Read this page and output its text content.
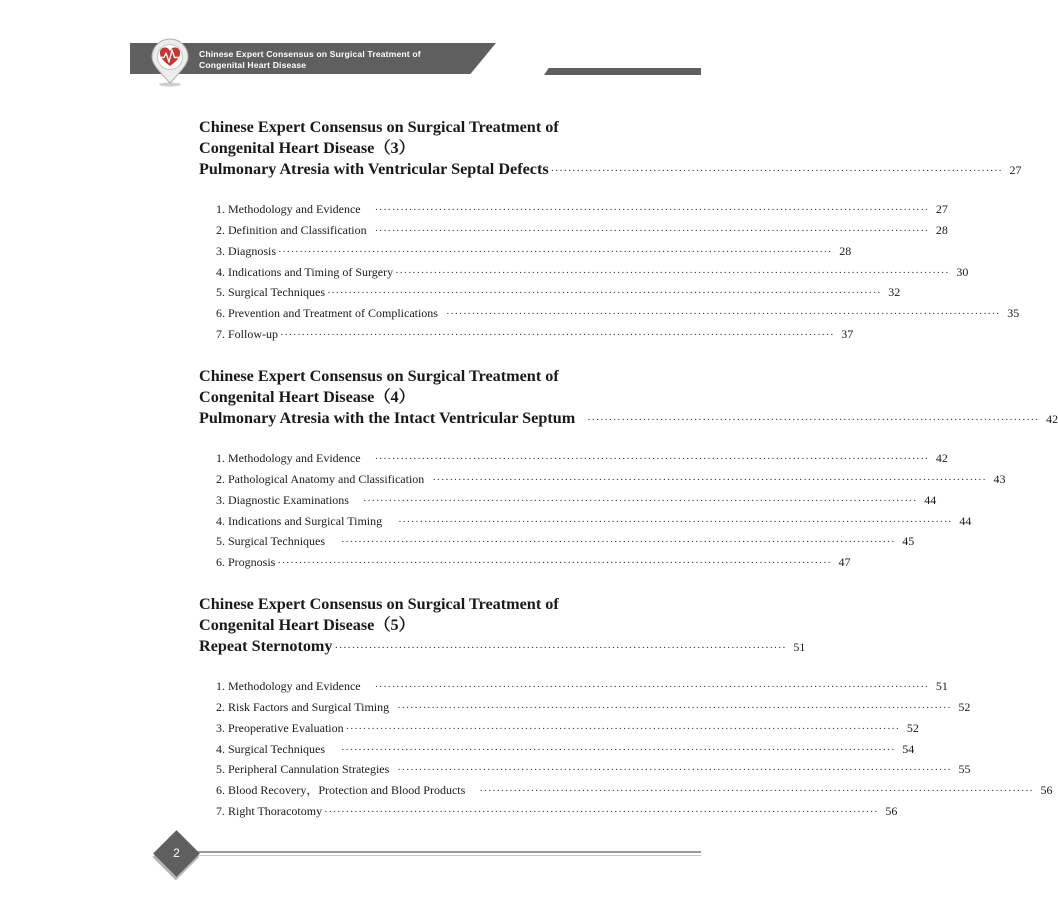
Chinese Expert Consensus on Surgical Treatment of
Congenital Heart Disease
Chinese Expert Consensus on Surgical Treatment of
Congenital Heart Disease（3）
Pulmonary Atresia with Ventricular Septal Defects ·········································································································· 27
1. Methodology and Evidence ·································································································································· 27
2. Definition and Classification ·································································································································· 28
3. Diagnosis ·································································································································· 28
4. Indications and Timing of Surgery ·································································································································· 30
5. Surgical Techniques ·································································································································· 32
6. Prevention and Treatment of Complications ·································································································································· 35
7. Follow-up ·································································································································· 37
Chinese Expert Consensus on Surgical Treatment of
Congenital Heart Disease（4）
Pulmonary Atresia with the Intact Ventricular Septum ·········································································································· 42
1. Methodology and Evidence ·································································································································· 42
2. Pathological Anatomy and Classification ·································································································································· 43
3. Diagnostic Examinations ·································································································································· 44
4. Indications and Surgical Timing ·································································································································· 44
5. Surgical Techniques ·································································································································· 45
6. Prognosis ·································································································································· 47
Chinese Expert Consensus on Surgical Treatment of
Congenital Heart Disease（5）
Repeat Sternotomy ·········································································································· 51
1. Methodology and Evidence ·································································································································· 51
2. Risk Factors and Surgical Timing ·································································································································· 52
3. Preoperative Evaluation ·································································································································· 52
4. Surgical Techniques ·································································································································· 54
5. Peripheral Cannulation Strategies ·································································································································· 55
6. Blood Recovery，Protection and Blood Products ·································································································································· 56
7. Right Thoracotomy ·································································································································· 56
2
